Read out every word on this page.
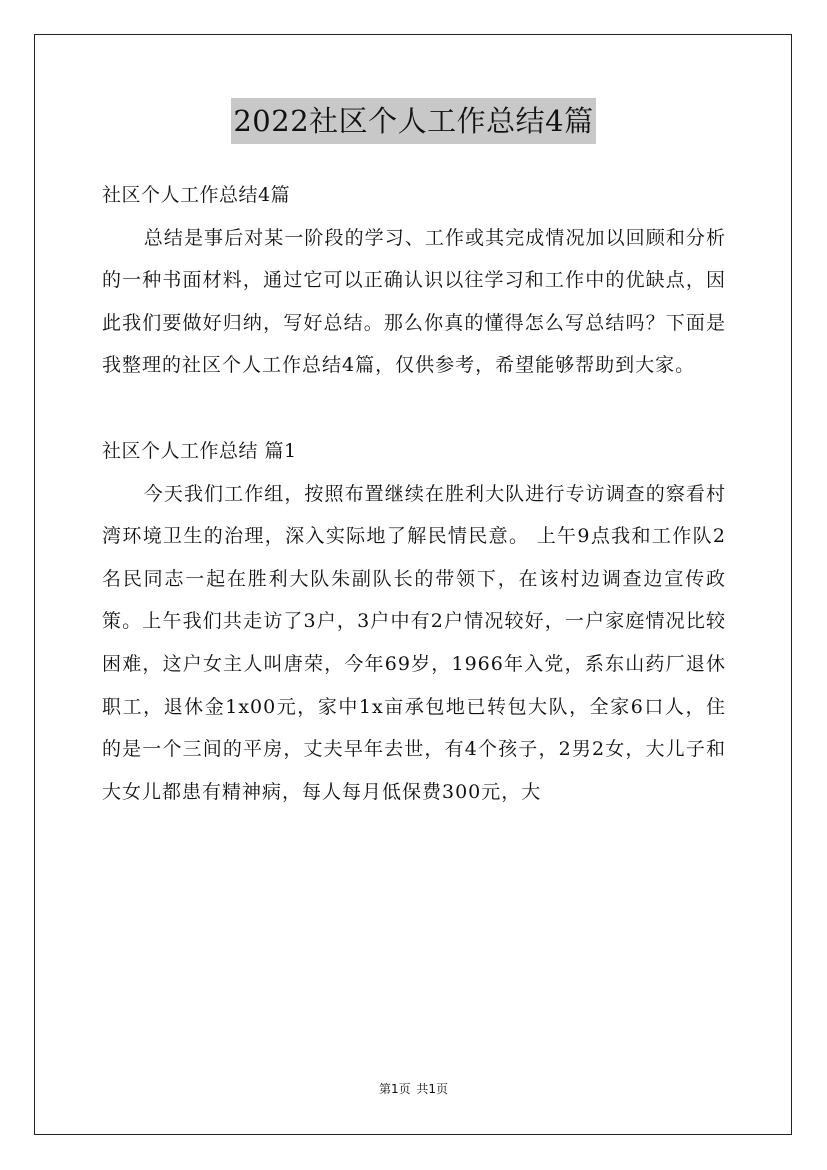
2022社区个人工作总结4篇

社区个人工作总结4篇

总结是事后对某一阶段的学习、工作或其完成情况加以回顾和分析的一种书面材料，通过它可以正确认识以往学习和工作中的优缺点，因此我们要做好归纳，写好总结。那么你真的懂得怎么写总结吗？下面是我整理的社区个人工作总结4篇，仅供参考，希望能够帮助到大家。

社区个人工作总结 篇1

今天我们工作组，按照布置继续在胜利大队进行专访调查的察看村湾环境卫生的治理，深入实际地了解民情民意。 上午9点我和工作队2名民同志一起在胜利大队朱副队长的带领下，在该村边调查边宣传政策。上午我们共走访了3户，3户中有2户情况较好，一户家庭情况比较困难，这户女主人叫唐荣，今年69岁，1966年入党，系东山药厂退休职工，退休金1x00元，家中1x亩承包地已转包大队，全家6口人，住的是一个三间的平房，丈夫早年去世，有4个孩子，2男2女，大儿子和大女儿都患有精神病，每人每月低保费300元，大

第1页 共1页
